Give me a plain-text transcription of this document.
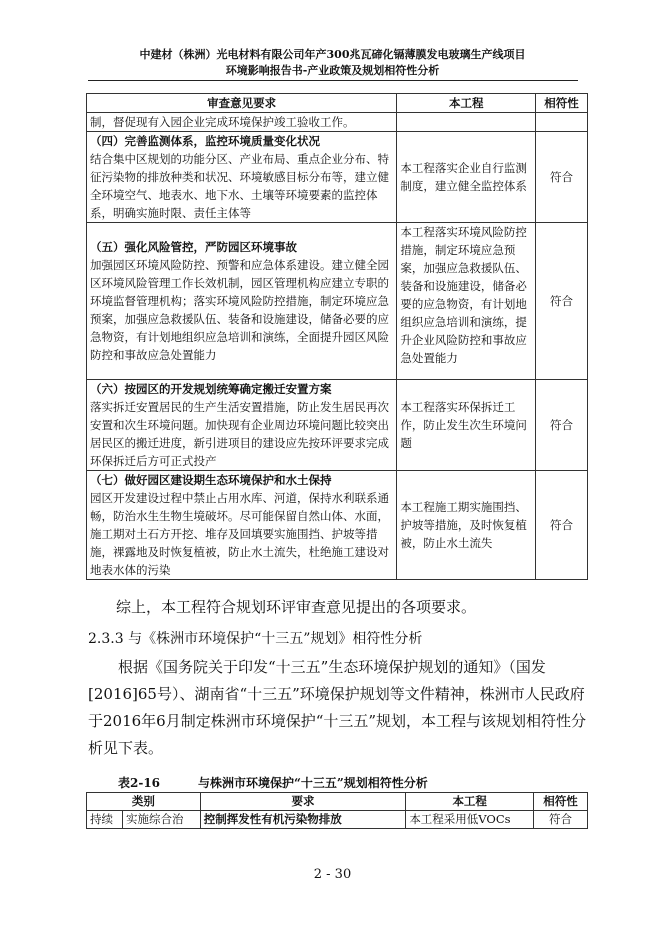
中建材（株洲）光电材料有限公司年产300兆瓦碲化镉薄膜发电玻璃生产线项目
环境影响报告书-产业政策及规划相符性分析
审查意见要求	本工程	相符性
制，督促现有入园企业完成环境保护竣工验收工作。		

（四）完善监测体系，监控环境质量变化状况
结合集中区规划的功能分区、产业布局、重点企业分布、特征污染物的排放种类和状况、环境敏感目标分布等，建立健全环境空气、地表水、地下水、土壤等环境要素的监控体系，明确实施时限、责任主体等	本工程落实企业自行监测制度，建立健全监控体系	符合

（五）强化风险管控，严防园区环境事故
加强园区环境风险防控、预警和应急体系建设。建立健全园区环境风险管理工作长效机制，园区管理机构应建立专职的环境监督管理机构；落实环境风险防控措施，制定环境应急预案，加强应急救援队伍、装备和设施建设，储备必要的应急物资，有计划地组织应急培训和演练，全面提升园区风险防控和事故应急处置能力	本工程落实环境风险防控措施，制定环境应急预案，加强应急救援队伍、装备和设施建设，储备必要的应急物资，有计划地组织应急培训和演练，提升企业风险防控和事故应急处置能力	符合

（六）按园区的开发规划统筹确定搬迁安置方案
落实拆迁安置居民的生产生活安置措施，防止发生居民再次安置和次生环境问题。加快现有企业周边环境问题比较突出居民区的搬迁进度，新引进项目的建设应先按环评要求完成环保拆迁后方可正式投产	本工程落实环保拆迁工作，防止发生次生环境问题	符合

（七）做好园区建设期生态环境保护和水土保持
园区开发建设过程中禁止占用水库、河道，保持水利联系通畅，防治水生生物生境破坏。尽可能保留自然山体、水面，施工期对土石方开挖、堆存及回填要实施围挡、护坡等措施，裸露地及时恢复植被，防止水土流失，杜绝施工建设对地表水体的污染	本工程施工期实施围挡、护坡等措施，及时恢复植被，防止水土流失	符合
综上，本工程符合规划环评审查意见提出的各项要求。
2.3.3 与《株洲市环境保护“十三五”规划》相符性分析
根据《国务院关于印发“十三五”生态环境保护规划的通知》（国发[2016]65号）、湖南省“十三五”环境保护规划等文件精神，株洲市人民政府于2016年6月制定株洲市环境保护“十三五”规划，本工程与该规划相符性分析见下表。
表2-16	与株洲市环境保护“十三五”规划相符性分析
类别		要求	本工程	相符性
持续	实施综合治	控制挥发性有机污染物排放	本工程采用低VOCs	符合
2 - 30
